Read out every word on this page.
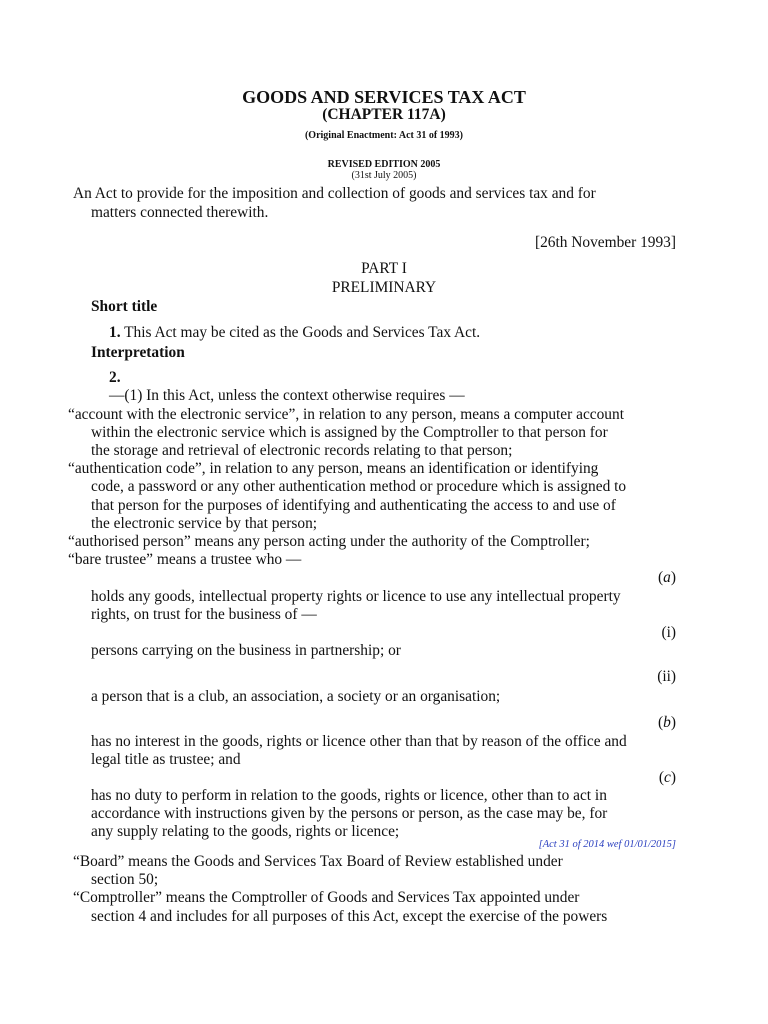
GOODS AND SERVICES TAX ACT
(CHAPTER 117A)
(Original Enactment: Act 31 of 1993)
REVISED EDITION 2005
(31st July 2005)
An Act to provide for the imposition and collection of goods and services tax and for
matters connected therewith.
[26th November 1993]
PART I
PRELIMINARY
Short title
1. This Act may be cited as the Goods and Services Tax Act.
Interpretation
2.
—(1) In this Act, unless the context otherwise requires —
“account with the electronic service”, in relation to any person, means a computer account
within the electronic service which is assigned by the Comptroller to that person for
the storage and retrieval of electronic records relating to that person;
“authentication code”, in relation to any person, means an identification or identifying
code, a password or any other authentication method or procedure which is assigned to
that person for the purposes of identifying and authenticating the access to and use of
the electronic service by that person;
“authorised person” means any person acting under the authority of the Comptroller;
“bare trustee” means a trustee who —
(a)
holds any goods, intellectual property rights or licence to use any intellectual property
rights, on trust for the business of —
(i)
persons carrying on the business in partnership; or
(ii)
a person that is a club, an association, a society or an organisation;
(b)
has no interest in the goods, rights or licence other than that by reason of the office and
legal title as trustee; and
(c)
has no duty to perform in relation to the goods, rights or licence, other than to act in
accordance with instructions given by the persons or person, as the case may be, for
any supply relating to the goods, rights or licence;
[Act 31 of 2014 wef 01/01/2015]
“Board” means the Goods and Services Tax Board of Review established under
section 50;
“Comptroller” means the Comptroller of Goods and Services Tax appointed under
section 4 and includes for all purposes of this Act, except the exercise of the powers
